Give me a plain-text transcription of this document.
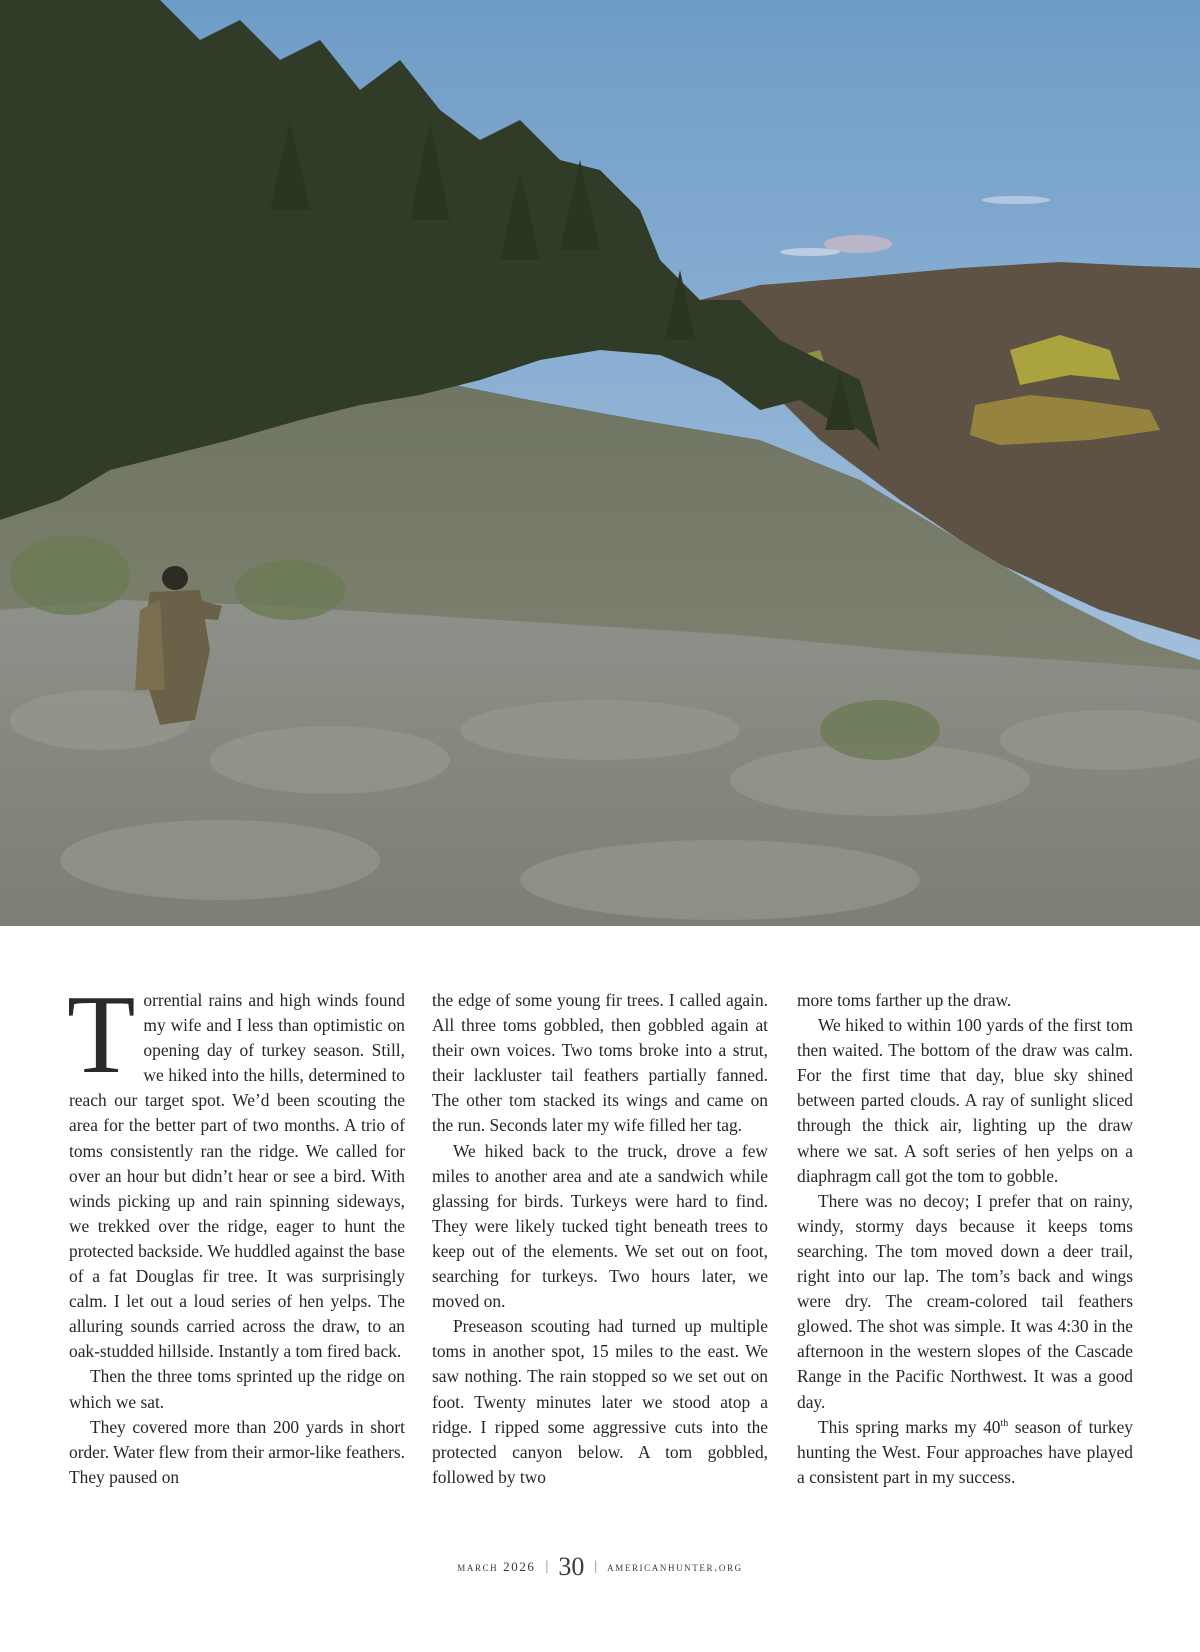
Torrential rains and high winds found my wife and I less than optimistic on opening day of turkey season. Still, we hiked into the hills, determined to reach our target spot. We’d been scouting the area for the better part of two months. A trio of toms consistently ran the ridge. We called for over an hour but didn’t hear or see a bird. With winds picking up and rain spinning sideways, we trekked over the ridge, eager to hunt the protected backside. We huddled against the base of a fat Douglas fir tree. It was surprisingly calm. I let out a loud series of hen yelps. The alluring sounds carried across the draw, to an oak-studded hillside. Instantly a tom fired back.

Then the three toms sprinted up the ridge on which we sat.

They covered more than 200 yards in short order. Water flew from their armor-like feathers. They paused on

the edge of some young fir trees. I called again. All three toms gobbled, then gobbled again at their own voices. Two toms broke into a strut, their lackluster tail feathers partially fanned. The other tom stacked its wings and came on the run. Seconds later my wife filled her tag.

We hiked back to the truck, drove a few miles to another area and ate a sandwich while glassing for birds. Turkeys were hard to find. They were likely tucked tight beneath trees to keep out of the elements. We set out on foot, searching for turkeys. Two hours later, we moved on.

Preseason scouting had turned up multiple toms in another spot, 15 miles to the east. We saw nothing. The rain stopped so we set out on foot. Twenty minutes later we stood atop a ridge. I ripped some aggressive cuts into the protected canyon below. A tom gobbled, followed by two

more toms farther up the draw.

We hiked to within 100 yards of the first tom then waited. The bottom of the draw was calm. For the first time that day, blue sky shined between parted clouds. A ray of sunlight sliced through the thick air, lighting up the draw where we sat. A soft series of hen yelps on a diaphragm call got the tom to gobble.

There was no decoy; I prefer that on rainy, windy, stormy days because it keeps toms searching. The tom moved down a deer trail, right into our lap. The tom’s back and wings were dry. The cream-colored tail feathers glowed. The shot was simple. It was 4:30 in the afternoon in the western slopes of the Cascade Range in the Pacific Northwest. It was a good day.

This spring marks my 40th season of turkey hunting the West. Four approaches have played a consistent part in my success.

march 2026 | 30 | americanhunter.org
